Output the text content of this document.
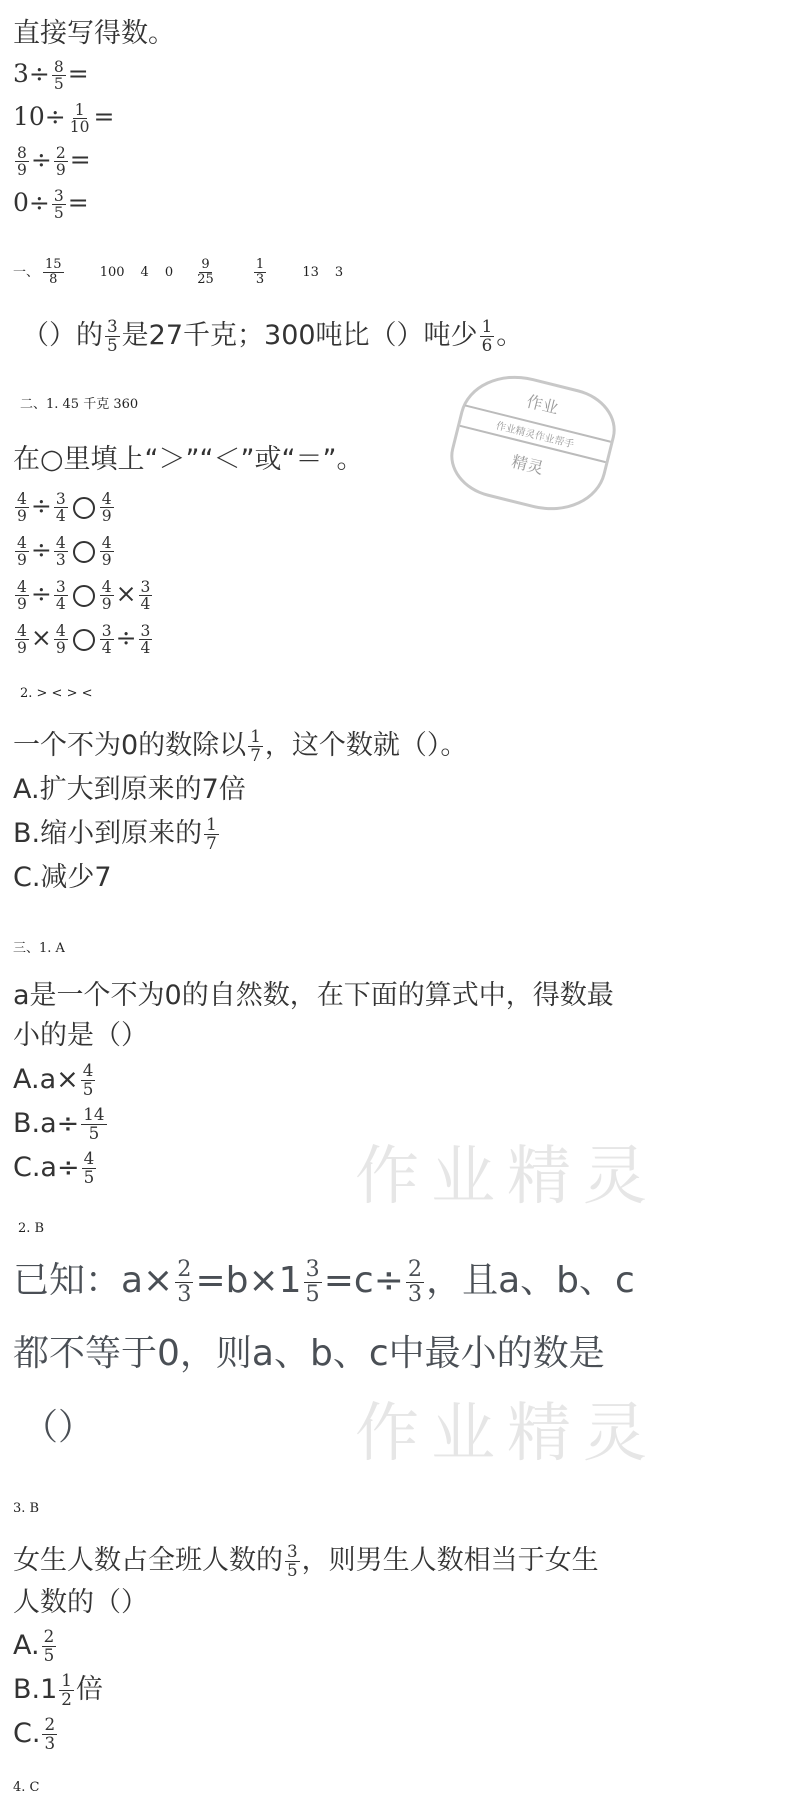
直接写得数。
$3\div \frac{8}{5}$ =
$10\div \frac{1}{10}$ =
$\frac{8}{9} \div \frac{2}{9}$ =
$0\div \frac{3}{5}$ =
一、 $\frac{15}{8} 100$ 4 $0 \frac{9}{25}$
$\frac{1}{3} 13$ 3
（）的 $\frac{3}{5}$ 是27千克；300吨比（）吨少 $\frac{1}{6}$ 。
二、1. 45 千克 360	作业
作业精灵作业帮手
精灵
在○里填上“＞”“＜”或“＝”。
$\frac{4}{9} \div \frac{3}{4} \frac{4}{9}$
$\frac{4}{9} \div \frac{4}{3} \frac{4}{9}$
$\frac{4}{9} \div \frac{3}{4} \frac{4}{9} \times \frac{3}{4}$
$\frac{4}{9} \times \frac{4}{9} \frac{3}{4} \div \frac{3}{4}$
2. > < > <
一个不为0的数除以 $\frac{1}{7}$ ，这个数就（）。
A.扩大到原来的7倍
B.缩小到原来的 $\frac{1}{7}$
C.减少7
三、1. A
a是一个不为0的自然数，在下面的算式中，得数最
小的是（）
$A.a\times \frac{4}{5}$
$B.a\div \frac{14}{5}$
$C.a\div \frac{4}{5}$	作业精灵
2. B
已知：$a\times \frac{2}{3} =b\times 1 \frac{3}{5} =c\div \frac{2}{3}$ ，且a、b、c
都不等于0，则a、b、c中最小的数是
（）	作业精灵
3. B
女生人数占全班人数的 $\frac{3}{5}$ ，则男生人数相当于女生
人数的（）
A. $\frac{2}{5}$
$B.1 \frac{1}{2}$ 倍
C. $\frac{2}{3}$
4. C
